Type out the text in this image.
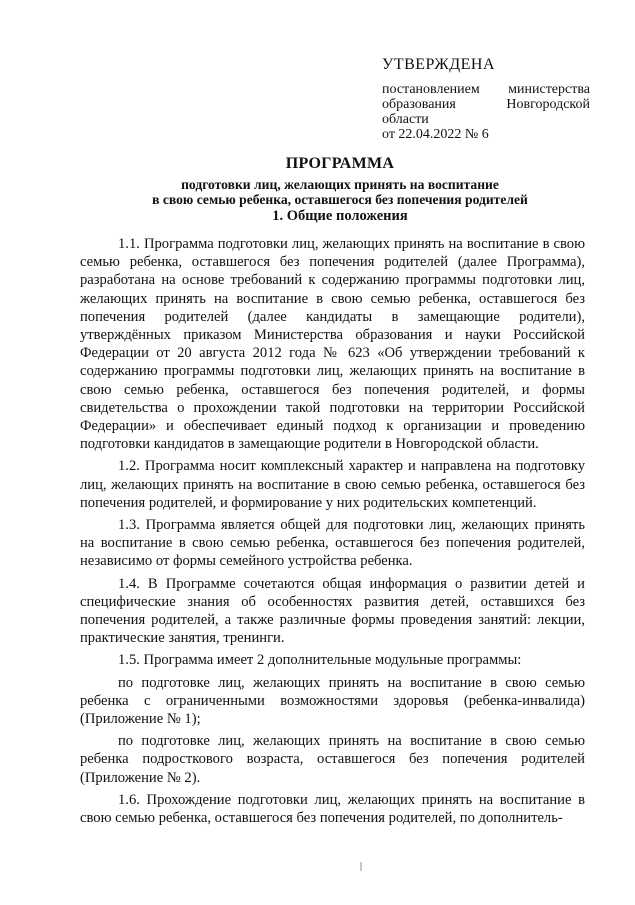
УТВЕРЖДЕНА
постановлением министерства
образования Новгородской
области
от 22.04.2022 № 6
ПРОГРАММА
подготовки лиц, желающих принять на воспитание
в свою семью ребенка, оставшегося без попечения родителей
1. Общие положения

1.1. Программа подготовки лиц, желающих принять на воспитание в свою семью ребенка, оставшегося без попечения родителей (далее Программа), разработана на основе требований к содержанию программы подготовки лиц, желающих принять на воспитание в свою семью ребенка, оставшегося без попечения родителей (далее кандидаты в замещающие родители), утверждённых приказом Министерства образования и науки Российской Федерации от 20 августа 2012 года № 623 «Об утверждении требований к содержанию программы подготовки лиц, желающих принять на воспитание в свою семью ребенка, оставшегося без попечения родителей, и формы свидетельства о прохождении такой подготовки на территории Российской Федерации» и обеспечивает единый подход к организации и проведению подготовки кандидатов в замещающие родители в Новгородской области.

1.2. Программа носит комплексный характер и направлена на подготовку лиц, желающих принять на воспитание в свою семью ребенка, оставшегося без попечения родителей, и формирование у них родительских компетенций.

1.3. Программа является общей для подготовки лиц, желающих принять на воспитание в свою семью ребенка, оставшегося без попечения родителей, независимо от формы семейного устройства ребенка.

1.4. В Программе сочетаются общая информация о развитии детей и специфические знания об особенностях развития детей, оставшихся без попечения родителей, а также различные формы проведения занятий: лекции, практические занятия, тренинги.

1.5. Программа имеет 2 дополнительные модульные программы:

по подготовке лиц, желающих принять на воспитание в свою семью ребенка с ограниченными возможностями здоровья (ребенка-инвалида) (Приложение № 1);

по подготовке лиц, желающих принять на воспитание в свою семью ребенка подросткового возраста, оставшегося без попечения родителей (Приложение № 2).

1.6. Прохождение подготовки лиц, желающих принять на воспитание в свою семью ребенка, оставшегося без попечения родителей, по дополнитель-
